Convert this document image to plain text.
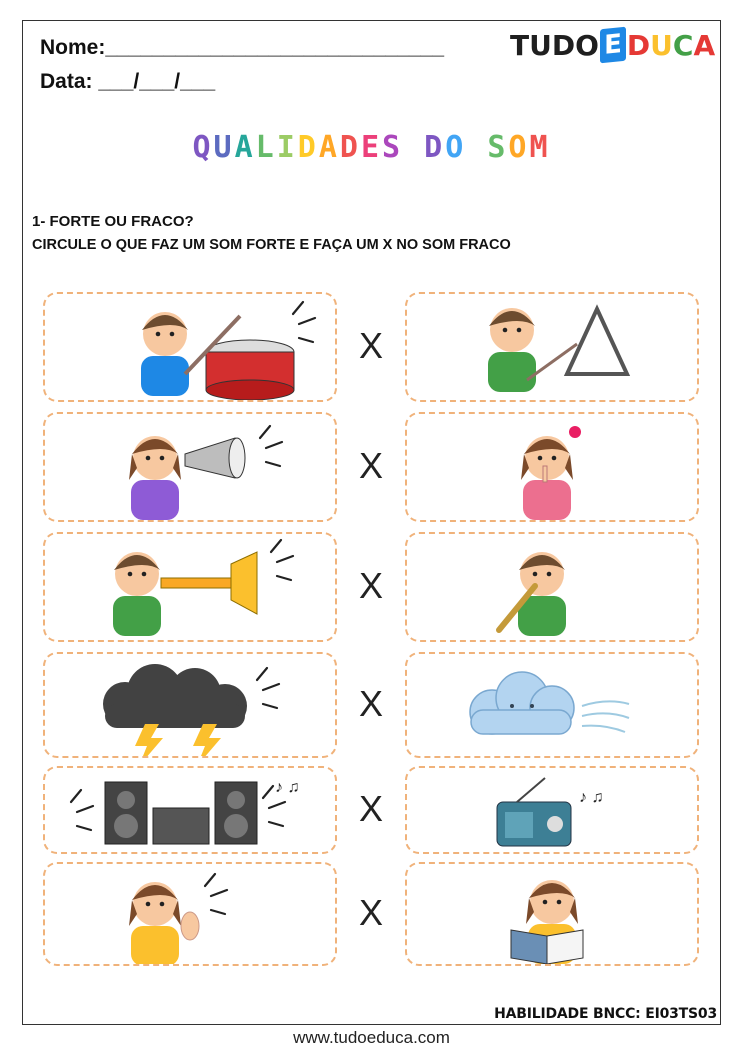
Nome:_____________________________
Data: ___/___/___
TUDO E DUCA
QUALIDADES DO SOM
1- FORTE OU FRACO?
CIRCULE O QUE FAZ UM SOM FORTE E FAÇA UM X NO SOM FRACO
X
X
X
X
♪ ♫
X	♪ ♫
X
HABILIDADE BNCC: EI03TS03
www.tudoeduca.com
